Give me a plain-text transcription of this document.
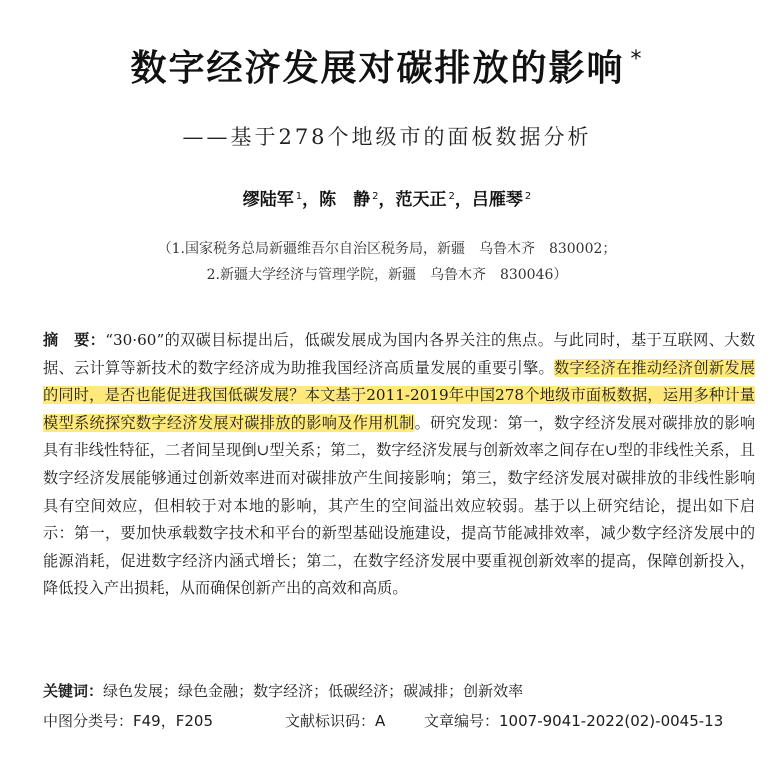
数字经济发展对碳排放的影响 *
——基于278个地级市的面板数据分析
缪陆军 $^1$，陈　静 $^2$，范天正 $^2$，吕雁琴 $^2$
（1.国家税务总局新疆维吾尔自治区税务局，新疆　乌鲁木齐　830002；
2.新疆大学经济与管理学院，新疆　乌鲁木齐　830046）
摘　要：“30·60”的双碳目标提出后，低碳发展成为国内各界关注的焦点。与此同时，基于互联网、大数据、云计算等新技术的数字经济成为助推我国经济高质量发展的重要引擎。数字经济在推动经济创新发展的同时，是否也能促进我国低碳发展？本文基于2011-2019年中国278个地级市面板数据，运用多种计量模型系统探究数字经济发展对碳排放的影响及作用机制。研究发现：第一，数字经济发展对碳排放的影响具有非线性特征，二者间呈现倒∪型关系；第二，数字经济发展与创新效率之间存在∪型的非线性关系，且数字经济发展能够通过创新效率进而对碳排放产生间接影响；第三，数字经济发展对碳排放的非线性影响具有空间效应，但相较于对本地的影响，其产生的空间溢出效应较弱。基于以上研究结论，提出如下启示：第一，要加快承载数字技术和平台的新型基础设施建设，提高节能减排效率，减少数字经济发展中的能源消耗，促进数字经济内涵式增长；第二，在数字经济发展中要重视创新效率的提高，保障创新投入，降低投入产出损耗，从而确保创新产出的高效和高质。
关键词：绿色发展；绿色金融；数字经济；低碳经济；碳减排；创新效率
中图分类号：F49，F205	文献标识码：A	文章编号：1007-9041-2022(02)-0045-13
